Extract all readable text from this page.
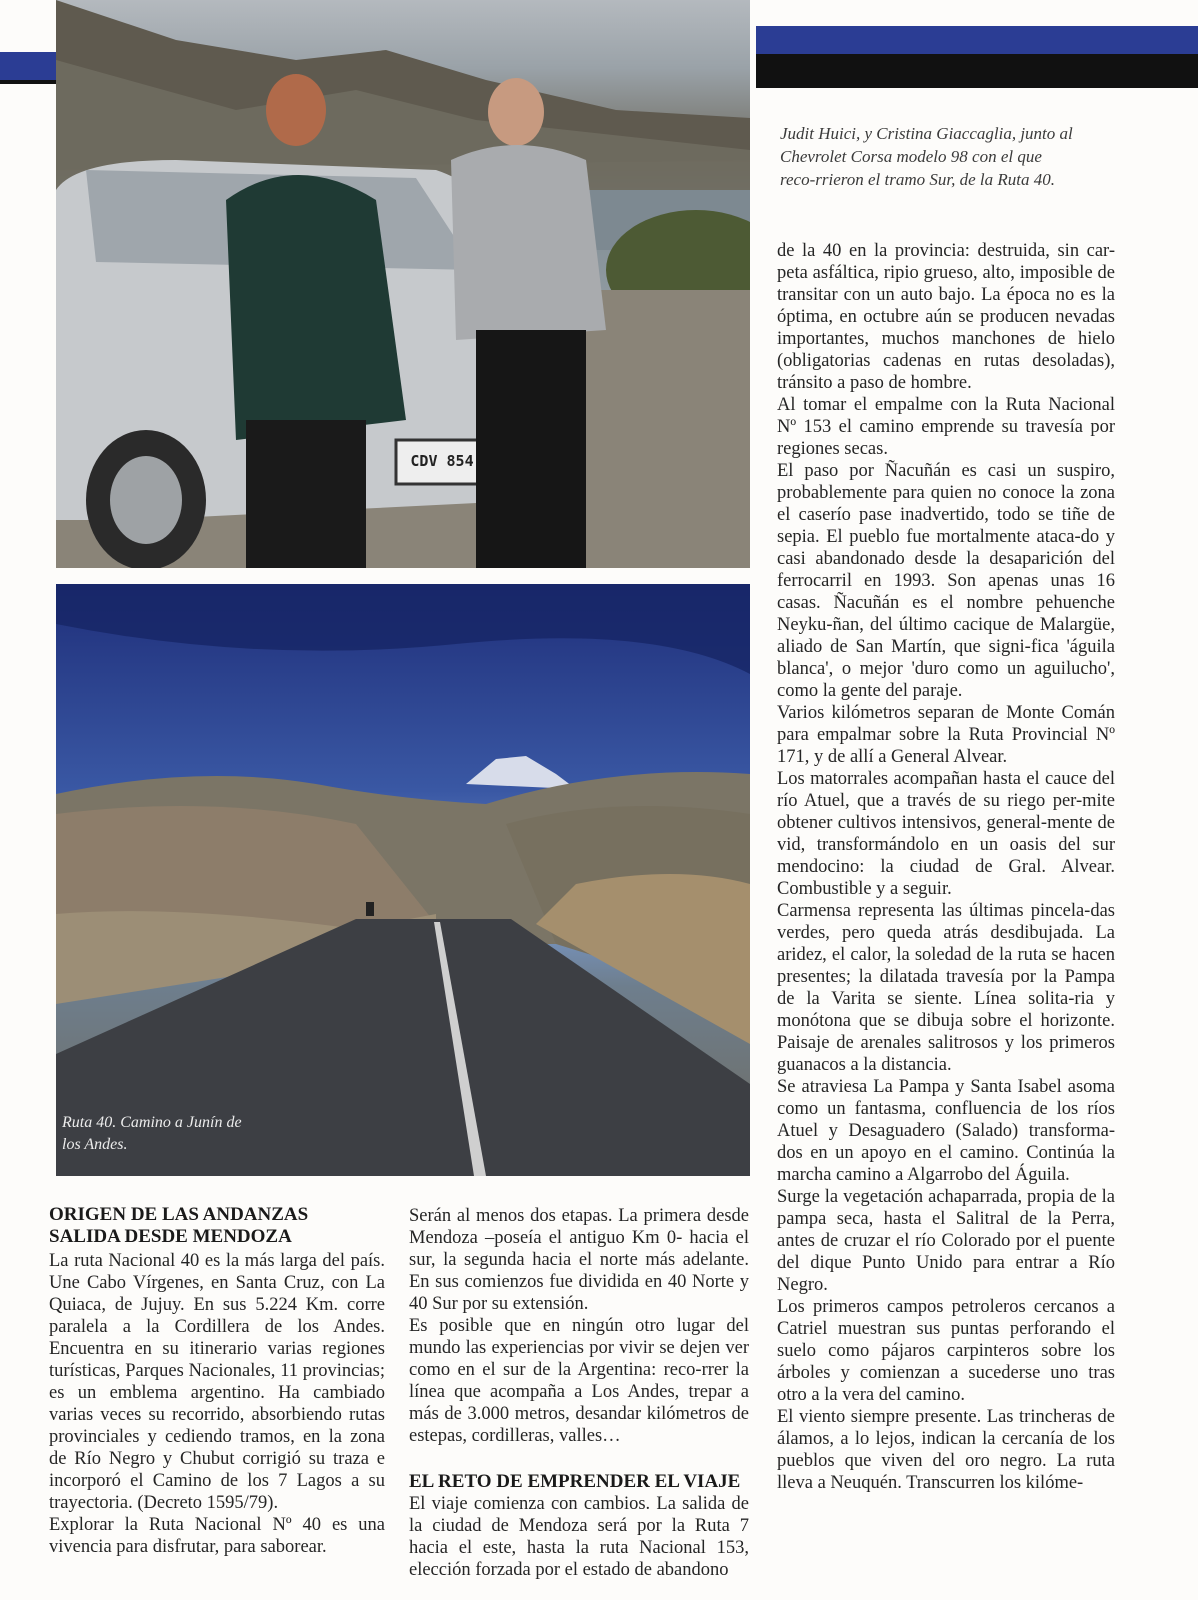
CDV 854
Judit Huici, y Cristina Giaccaglia, junto al Chevrolet Corsa modelo 98 con el que reco-rrieron el tramo Sur, de la Ruta 40.
Ruta 40. Camino a Junín de los Andes.
ORIGEN DE LAS ANDANZAS
SALIDA DESDE MENDOZA

La ruta Nacional 40 es la más larga del país. Une Cabo Vírgenes, en Santa Cruz, con La Quiaca, de Jujuy. En sus 5.224 Km. corre paralela a la Cordillera de los Andes. Encuentra en su itinerario varias regiones turísticas, Parques Nacionales, 11 provincias; es un emblema argentino. Ha cambiado varias veces su recorrido, absorbiendo rutas provinciales y cediendo tramos, en la zona de Río Negro y Chubut corrigió su traza e incorporó el Camino de los 7 Lagos a su trayectoria. (Decreto 1595/79).

Explorar la Ruta Nacional Nº 40 es una vivencia para disfrutar, para saborear.

Serán al menos dos etapas. La primera desde Mendoza –poseía el antiguo Km 0- hacia el sur, la segunda hacia el norte más adelante. En sus comienzos fue dividida en 40 Norte y 40 Sur por su extensión.

Es posible que en ningún otro lugar del mundo las experiencias por vivir se dejen ver como en el sur de la Argentina: reco-rrer la línea que acompaña a Los Andes, trepar a más de 3.000 metros, desandar kilómetros de estepas, cordilleras, valles…

EL RETO DE EMPRENDER EL VIAJE

El viaje comienza con cambios. La salida de la ciudad de Mendoza será por la Ruta 7 hacia el este, hasta la ruta Nacional 153, elección forzada por el estado de abandono

de la 40 en la provincia: destruida, sin car-peta asfáltica, ripio grueso, alto, imposible de transitar con un auto bajo. La época no es la óptima, en octubre aún se producen nevadas importantes, muchos manchones de hielo (obligatorias cadenas en rutas desoladas), tránsito a paso de hombre.

Al tomar el empalme con la Ruta Nacional Nº 153 el camino emprende su travesía por regiones secas.

El paso por Ñacuñán es casi un suspiro, probablemente para quien no conoce la zona el caserío pase inadvertido, todo se tiñe de sepia. El pueblo fue mortalmente ataca-do y casi abandonado desde la desaparición del ferrocarril en 1993. Son apenas unas 16 casas. Ñacuñán es el nombre pehuenche Neyku-ñan, del último cacique de Malargüe, aliado de San Martín, que signi-fica 'águila blanca', o mejor 'duro como un aguilucho', como la gente del paraje.

Varios kilómetros separan de Monte Comán para empalmar sobre la Ruta Provincial Nº 171, y de allí a General Alvear.

Los matorrales acompañan hasta el cauce del río Atuel, que a través de su riego per-mite obtener cultivos intensivos, general-mente de vid, transformándolo en un oasis del sur mendocino: la ciudad de Gral. Alvear. Combustible y a seguir.

Carmensa representa las últimas pincela-das verdes, pero queda atrás desdibujada. La aridez, el calor, la soledad de la ruta se hacen presentes; la dilatada travesía por la Pampa de la Varita se siente. Línea solita-ria y monótona que se dibuja sobre el horizonte. Paisaje de arenales salitrosos y los primeros guanacos a la distancia.

Se atraviesa La Pampa y Santa Isabel asoma como un fantasma, confluencia de los ríos Atuel y Desaguadero (Salado) transforma-dos en un apoyo en el camino. Continúa la marcha camino a Algarrobo del Águila.

Surge la vegetación achaparrada, propia de la pampa seca, hasta el Salitral de la Perra, antes de cruzar el río Colorado por el puente del dique Punto Unido para entrar a Río Negro.

Los primeros campos petroleros cercanos a Catriel muestran sus puntas perforando el suelo como pájaros carpinteros sobre los árboles y comienzan a sucederse uno tras otro a la vera del camino.

El viento siempre presente. Las trincheras de álamos, a lo lejos, indican la cercanía de los pueblos que viven del oro negro. La ruta lleva a Neuquén. Transcurren los kilóme-
